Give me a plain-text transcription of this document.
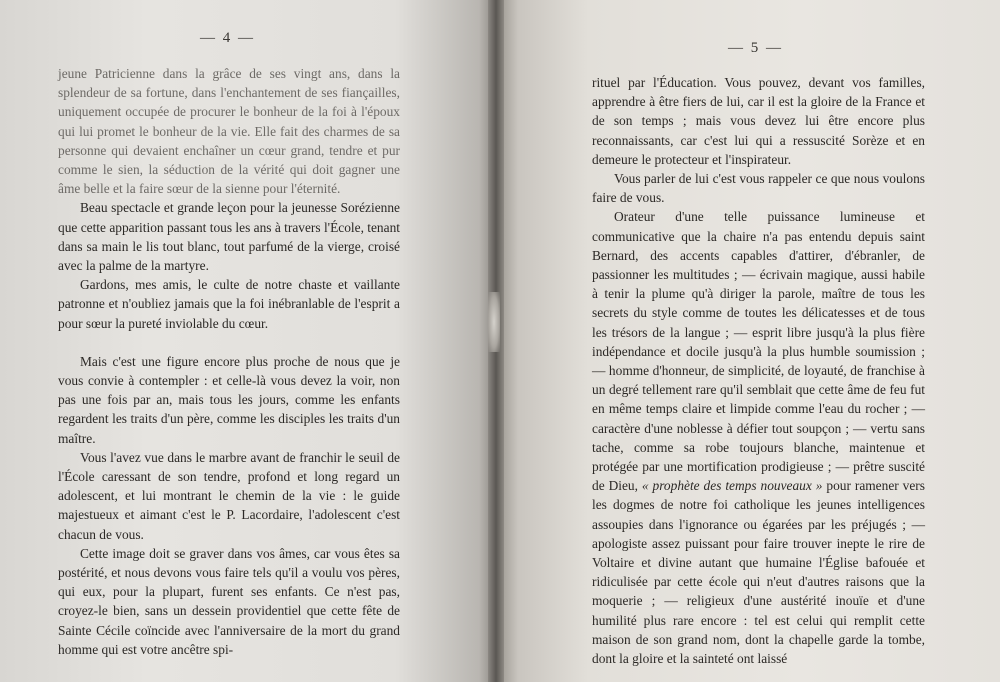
— 4 —
— 5 —

jeune Patricienne dans la grâce de ses vingt ans, dans la splendeur de sa fortune, dans l'enchantement de ses fiançailles, uniquement occupée de procurer le bonheur de la foi à l'époux qui lui promet le bonheur de la vie. Elle fait des charmes de sa personne qui devaient enchaîner un cœur grand, tendre et pur comme le sien, la séduction de la vérité qui doit gagner une âme belle et la faire sœur de la sienne pour l'éternité.

Beau spectacle et grande leçon pour la jeunesse Sorézienne que cette apparition passant tous les ans à travers l'École, tenant dans sa main le lis tout blanc, tout parfumé de la vierge, croisé avec la palme de la martyre.

Gardons, mes amis, le culte de notre chaste et vaillante patronne et n'oubliez jamais que la foi inébranlable de l'esprit a pour sœur la pureté inviolable du cœur.

Mais c'est une figure encore plus proche de nous que je vous convie à contempler : et celle-là vous devez la voir, non pas une fois par an, mais tous les jours, comme les enfants regardent les traits d'un père, comme les disciples les traits d'un maître.

Vous l'avez vue dans le marbre avant de franchir le seuil de l'École caressant de son tendre, profond et long regard un adolescent, et lui montrant le chemin de la vie : le guide majestueux et aimant c'est le P. Lacordaire, l'adolescent c'est chacun de vous.

Cette image doit se graver dans vos âmes, car vous êtes sa postérité, et nous devons vous faire tels qu'il a voulu vos pères, qui eux, pour la plupart, furent ses enfants. Ce n'est pas, croyez-le bien, sans un dessein providentiel que cette fête de Sainte Cécile coïncide avec l'anniversaire de la mort du grand homme qui est votre ancêtre spi-

rituel par l'Éducation. Vous pouvez, devant vos familles, apprendre à être fiers de lui, car il est la gloire de la France et de son temps ; mais vous devez lui être encore plus reconnaissants, car c'est lui qui a ressuscité Sorèze et en demeure le protecteur et l'inspirateur.

Vous parler de lui c'est vous rappeler ce que nous voulons faire de vous.

Orateur d'une telle puissance lumineuse et communicative que la chaire n'a pas entendu depuis saint Bernard, des accents capables d'attirer, d'ébranler, de passionner les multitudes ; — écrivain magique, aussi habile à tenir la plume qu'à diriger la parole, maître de tous les secrets du style comme de toutes les délicatesses et de tous les trésors de la langue ; — esprit libre jusqu'à la plus fière indépendance et docile jusqu'à la plus humble soumission ; — homme d'honneur, de simplicité, de loyauté, de franchise à un degré tellement rare qu'il semblait que cette âme de feu fut en même temps claire et limpide comme l'eau du rocher ; — caractère d'une noblesse à défier tout soupçon ; — vertu sans tache, comme sa robe toujours blanche, maintenue et protégée par une mortification prodigieuse ; — prêtre suscité de Dieu, « prophète des temps nouveaux » pour ramener vers les dogmes de notre foi catholique les jeunes intelligences assoupies dans l'ignorance ou égarées par les préjugés ; — apologiste assez puissant pour faire trouver inepte le rire de Voltaire et divine autant que humaine l'Église bafouée et ridiculisée par cette école qui n'eut d'autres raisons que la moquerie ; — religieux d'une austérité inouïe et d'une humilité plus rare encore : tel est celui qui remplit cette maison de son grand nom, dont la chapelle garde la tombe, dont la gloire et la sainteté ont laissé
